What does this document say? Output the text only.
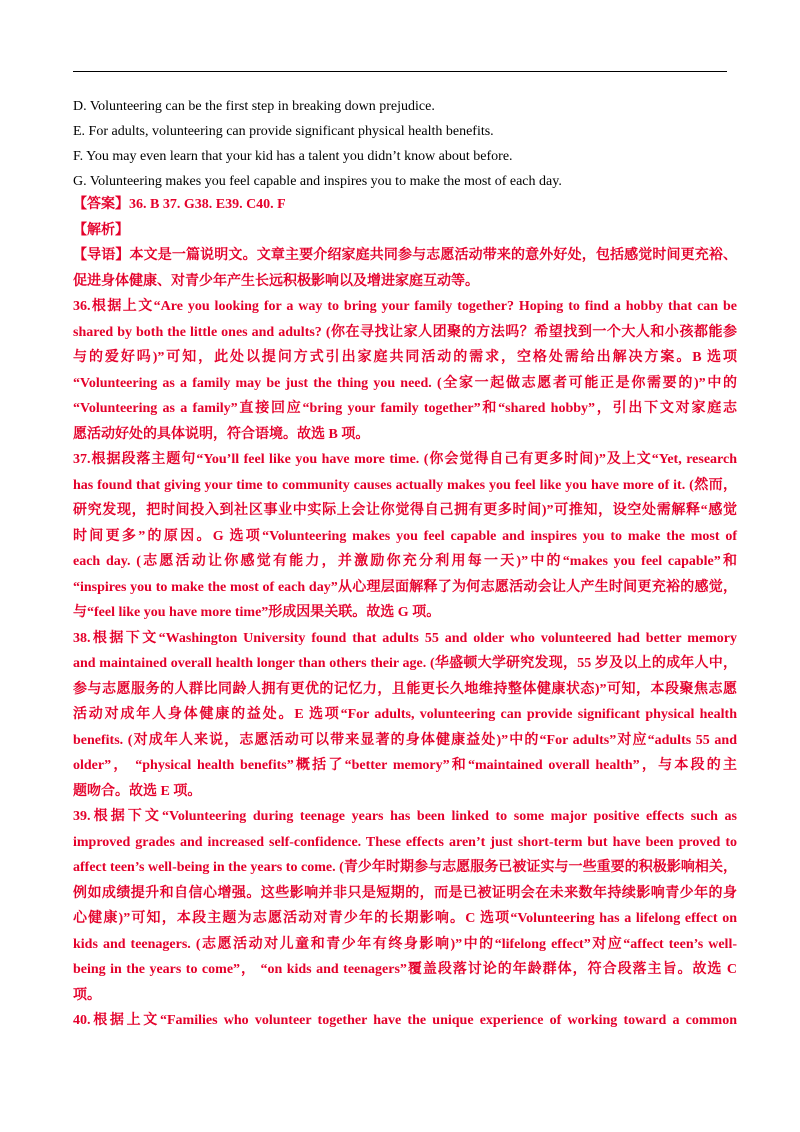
D. Volunteering can be the first step in breaking down prejudice.
E. For adults, volunteering can provide significant physical health benefits.
F. You may even learn that your kid has a talent you didn’t know about before.
G. Volunteering makes you feel capable and inspires you to make the most of each day.

【答案】36. B 37. G38. E39. C40. F

【解析】

【导语】本文是一篇说明文。文章主要介绍家庭共同参与志愿活动带来的意外好处，包括感觉时间更充裕、
促进身体健康、对青少年产生长远积极影响以及增进家庭互动等。

36.根据上文“Are you looking for a way to bring your family together? Hoping to find a hobby that can be
shared by both the little ones and adults? (你在寻找让家人团聚的方法吗？希望找到一个大人和小孩都能参
与的爱好吗)”可知，此处以提问方式引出家庭共同活动的需求，空格处需给出解决方案。B 选项
“Volunteering as a family may be just the thing you need. (全家一起做志愿者可能正是你需要的)”中的
“Volunteering as a family”直接回应“bring your family together”和“shared hobby”，引出下文对家庭志
愿活动好处的具体说明，符合语境。故选 B 项。

37.根据段落主题句“You’ll feel like you have more time. (你会觉得自己有更多时间)”及上文“Yet, research
has found that giving your time to community causes actually makes you feel like you have more of it. (然而，
研究发现，把时间投入到社区事业中实际上会让你觉得自己拥有更多时间)”可推知，设空处需解释“感觉
时间更多”的原因。G 选项“Volunteering makes you feel capable and inspires you to make the most of
each day. (志愿活动让你感觉有能力，并激励你充分利用每一天)”中的“makes you feel capable”和
“inspires you to make the most of each day”从心理层面解释了为何志愿活动会让人产生时间更充裕的感觉，
与“feel like you have more time”形成因果关联。故选 G 项。

38.根据下文“Washington University found that adults 55 and older who volunteered had better memory
and maintained overall health longer than others their age. (华盛顿大学研究发现，55 岁及以上的成年人中，
参与志愿服务的人群比同龄人拥有更优的记忆力，且能更长久地维持整体健康状态)”可知，本段聚焦志愿
活动对成年人身体健康的益处。E 选项“For adults, volunteering can provide significant physical health
benefits. (对成年人来说，志愿活动可以带来显著的身体健康益处)”中的“For adults”对应“adults 55 and
older”， “physical health benefits”概括了“better memory”和“maintained overall health”，与本段的主
题吻合。故选 E 项。

39.根据下文“Volunteering during teenage years has been linked to some major positive effects such as
improved grades and increased self-confidence. These effects aren’t just short-term but have been proved to
affect teen’s well-being in the years to come. (青少年时期参与志愿服务已被证实与一些重要的积极影响相关，
例如成绩提升和自信心增强。这些影响并非只是短期的，而是已被证明会在未来数年持续影响青少年的身
心健康)”可知，本段主题为志愿活动对青少年的长期影响。C 选项“Volunteering has a lifelong effect on
kids and teenagers. (志愿活动对儿童和青少年有终身影响)”中的“lifelong effect”对应“affect teen’s well-
being in the years to come”， “on kids and teenagers”覆盖段落讨论的年龄群体，符合段落主旨。故选 C
项。

40.根据上文“Families who volunteer together have the unique experience of working toward a common
